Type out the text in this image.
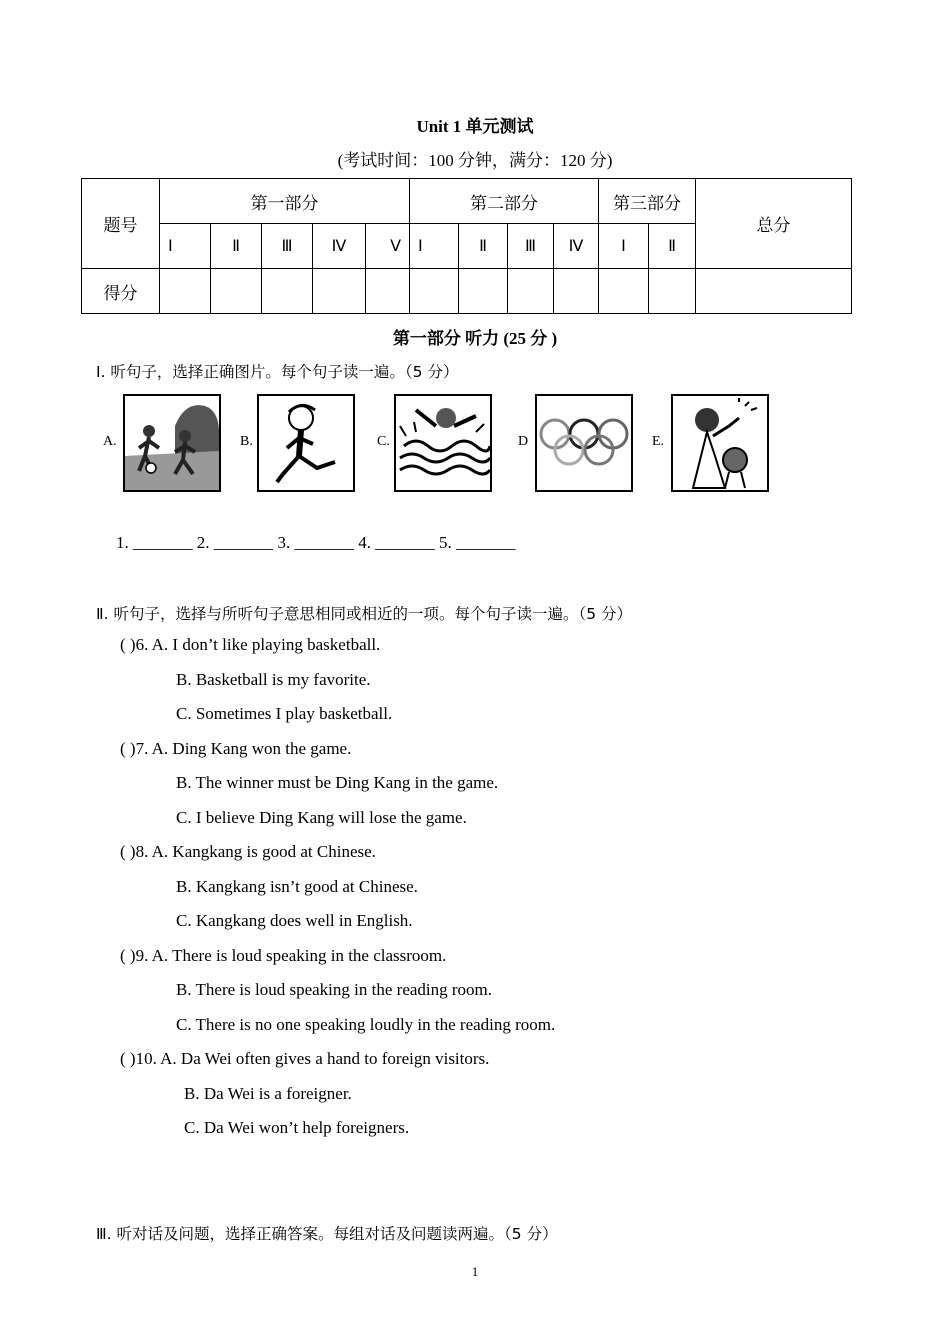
Unit 1 单元测试
(考试时间：100 分钟，满分：120 分)
题号	第一部分					第二部分				第三部分		总分
	Ⅰ	Ⅱ	Ⅲ	Ⅳ	Ⅴ	Ⅰ	Ⅱ	Ⅲ	Ⅳ	Ⅰ	Ⅱ	
得分												
第一部分 听力 (25 分 )
Ⅰ. 听句子，选择正确图片。每个句子读一遍。（5 分）
A.	B.	C.	D	E.
1. _______ 2. _______ 3. _______ 4. _______ 5. _______
Ⅱ. 听句子，选择与所听句子意思相同或相近的一项。每个句子读一遍。（5 分）
( )6. A. I don’t like playing basketball.
B. Basketball is my favorite.
C. Sometimes I play basketball.
( )7. A. Ding Kang won the game.
B. The winner must be Ding Kang in the game.
C. I believe Ding Kang will lose the game.
( )8. A. Kangkang is good at Chinese.
B. Kangkang isn’t good at Chinese.
C. Kangkang does well in English.
( )9. A. There is loud speaking in the classroom.
B. There is loud speaking in the reading room.
C. There is no one speaking loudly in the reading room.
( )10. A. Da Wei often gives a hand to foreign visitors.
B. Da Wei is a foreigner.
C. Da Wei won’t help foreigners.
Ⅲ. 听对话及问题，选择正确答案。每组对话及问题读两遍。（5 分）
1
